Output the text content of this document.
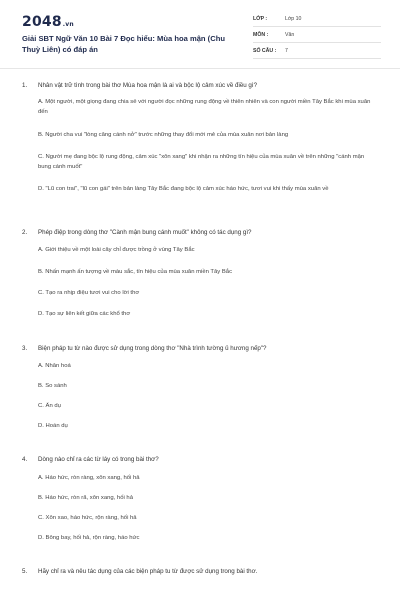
2048.vn
Giải SBT Ngữ Văn 10 Bài 7 Đọc hiểu: Mùa hoa mận (Chu Thuỳ Liên) có đáp án
LỚP :	Lớp 10
MÔN :	Văn
SỐ CÂU : 7
1. Nhân vật trữ tình trong bài thơ Mùa hoa mận là ai và bộc lộ cảm xúc về điều gì?
A. Một người, một giọng đang chia sẻ với người đọc những rung động về thiên nhiên và con người miền Tây Bắc khi mùa xuân đến
B. Người cha vui "lòng căng cánh nở" trước những thay đổi mới mẻ của mùa xuân nơi bản làng
C. Người mẹ đang bộc lộ rung động, cảm xúc "xôn xang" khi nhận ra những tín hiệu của mùa xuân về trên những "cánh mận bung cánh muốt"
D. "Lũ con trai", "lũ con gái" trên bản làng Tây Bắc đang bộc lộ cảm xúc háo hức, tươi vui khi thấy mùa xuân về
2. Phép điệp trong dòng thơ "Cành mận bung cánh muốt" không có tác dụng gì?
A. Giới thiệu về một loài cây chỉ được trồng ở vùng Tây Bắc
B. Nhấn mạnh ấn tượng về màu sắc, tín hiệu của mùa xuân miền Tây Bắc
C. Tạo ra nhịp điệu tươi vui cho lời thơ
D. Tạo sự liên kết giữa các khổ thơ
3. Biện pháp tu từ nào được sử dụng trong dòng thơ "Nhà trình tường ủ hương nếp"?
A. Nhân hoá
B. So sánh
C. Ẩn dụ
D. Hoán dụ
4. Dòng nào chỉ ra các từ láy có trong bài thơ?
A. Háo hức, ròn ràng, xôn xang, hối hả
B. Háo hức, ròn rã, xôn xang, hối hả
C. Xôn xao, háo hức, rộn ràng, hối hả
D. Bông bay, hối hả, rộn ràng, háo hức
5. Hãy chỉ ra và nêu tác dụng của các biện pháp tu từ được sử dụng trong bài thơ.
